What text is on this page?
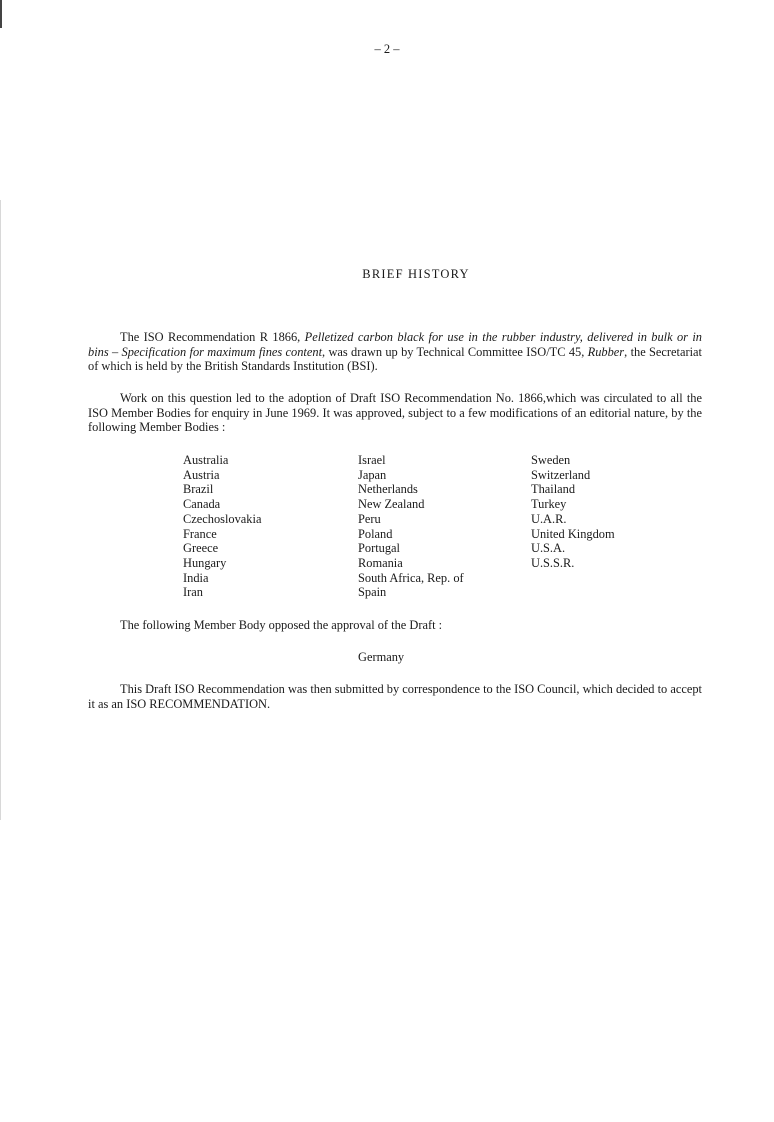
– 2 –
BRIEF HISTORY

The ISO Recommendation R 1866, Pelletized carbon black for use in the rubber industry, delivered in bulk or in bins – Specification for maximum fines content, was drawn up by Technical Committee ISO/TC 45, Rubber, the Secretariat of which is held by the British Standards Institution (BSI).

Work on this question led to the adoption of Draft ISO Recommendation No. 1866,which was circulated to all the ISO Member Bodies for enquiry in June 1969. It was approved, subject to a few modifications of an editorial nature, by the following Member Bodies :

Australia
Austria
Brazil
Canada
Czechoslovakia
France
Greece
Hungary
India
Iran
Israel
Japan
Netherlands
New Zealand
Peru
Poland
Portugal
Romania
South Africa, Rep. of
Spain
Sweden
Switzerland
Thailand
Turkey
U.A.R.
United Kingdom
U.S.A.
U.S.S.R.

The following Member Body opposed the approval of the Draft :

Germany

This Draft ISO Recommendation was then submitted by correspondence to the ISO Council, which decided to accept it as an ISO RECOMMENDATION.
